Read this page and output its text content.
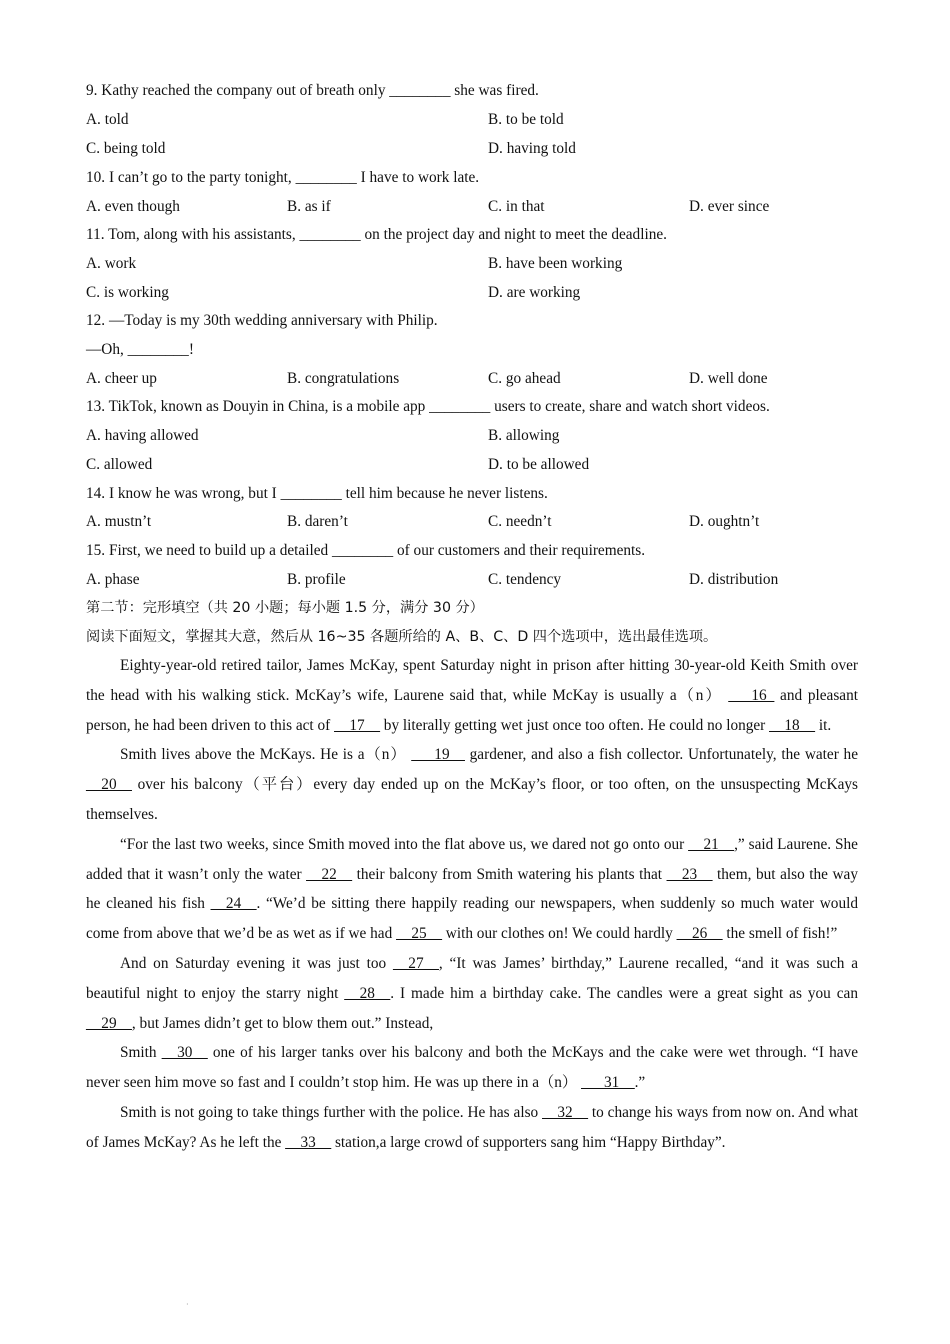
9. Kathy reached the company out of breath only ________ she was fired.
A. told	B. to be told
C. being told	D. having told
10. I can’t go to the party tonight, ________ I have to work late.
A. even though	B. as if	C. in that	D. ever since
11. Tom, along with his assistants, ________ on the project day and night to meet the deadline.
A. work	B. have been working
C. is working	D. are working
12. —Today is my 30th wedding anniversary with Philip.
—Oh, ________!
A. cheer up	B. congratulations	C. go ahead	D. well done
13. TikTok, known as Douyin in China, is a mobile app ________ users to create, share and watch short videos.
A. having allowed	B. allowing
C. allowed	D. to be allowed
14. I know he was wrong, but I ________ tell him because he never listens.
A. mustn’t	B. daren’t	C. needn’t	D. oughtn’t
15. First, we need to build up a detailed ________ of our customers and their requirements.
A. phase	B. profile	C. tendency	D. distribution
第二节：完形填空（共 20 小题；每小题 1.5 分，满分 30 分）
阅读下面短文，掌握其大意，然后从 16~35 各题所给的 A、B、C、D 四个选项中，选出最佳选项。

Eighty-year-old retired tailor, James McKay, spent Saturday night in prison after hitting 30-year-old Keith Smith over the head with his walking stick. McKay’s wife, Laurene said that, while McKay is usually a（n） ___16_ and pleasant person, he had been driven to this act of __17__ by literally getting wet just once too often. He could no longer __18__ it.

Smith lives above the McKays. He is a（n） ___19__ gardener, and also a fish collector. Unfortunately, the water he __20__ over his balcony（平台）every day ended up on the McKay’s floor, or too often, on the unsuspecting McKays themselves.

“For the last two weeks, since Smith moved into the flat above us, we dared not go onto our __21__,” said Laurene. She added that it wasn’t only the water __22__ their balcony from Smith watering his plants that __23__ them, but also the way he cleaned his fish __24__. “We’d be sitting there happily reading our newspapers, when suddenly so much water would come from above that we’d be as wet as if we had __25__ with our clothes on! We could hardly __26__ the smell of fish!”

And on Saturday evening it was just too __27__, “It was James’ birthday,” Laurene recalled, “and it was such a beautiful night to enjoy the starry night __28__. I made him a birthday cake. The candles were a great sight as you can __29__, but James didn’t get to blow them out.” Instead,

Smith __30__ one of his larger tanks over his balcony and both the McKays and the cake were wet through. “I have never seen him move so fast and I couldn’t stop him. He was up there in a（n） ___31__.”

Smith is not going to take things further with the police. He has also __32__ to change his ways from now on. And what of James McKay? As he left the __33__ station,a large crowd of supporters sang him “Happy Birthday”.

·
